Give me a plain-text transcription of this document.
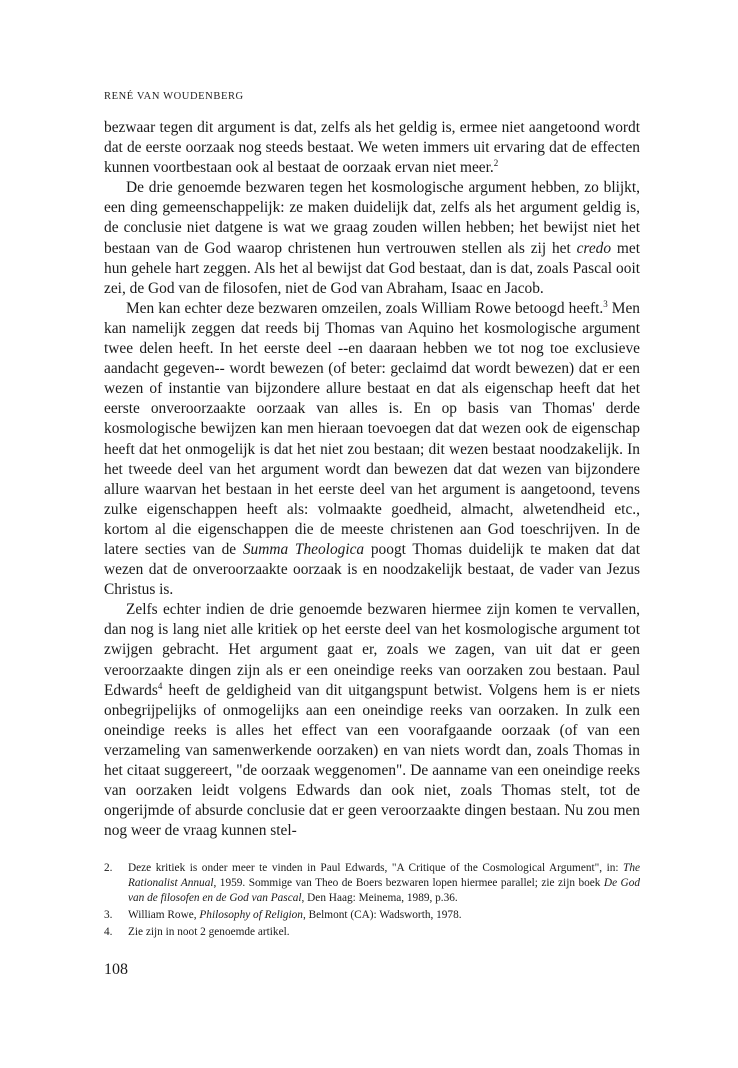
RENÉ VAN WOUDENBERG

bezwaar tegen dit argument is dat, zelfs als het geldig is, ermee niet aangetoond wordt dat de eerste oorzaak nog steeds bestaat. We weten immers uit ervaring dat de effecten kunnen voortbestaan ook al bestaat de oorzaak ervan niet meer.$^2$

De drie genoemde bezwaren tegen het kosmologische argument hebben, zo blijkt, een ding gemeenschappelijk: ze maken duidelijk dat, zelfs als het argument geldig is, de conclusie niet datgene is wat we graag zouden willen hebben; het bewijst niet het bestaan van de God waarop christenen hun vertrouwen stellen als zij het credo met hun gehele hart zeggen. Als het al bewijst dat God bestaat, dan is dat, zoals Pascal ooit zei, de God van de filosofen, niet de God van Abraham, Isaac en Jacob.

Men kan echter deze bezwaren omzeilen, zoals William Rowe betoogd heeft.$^3$ Men kan namelijk zeggen dat reeds bij Thomas van Aquino het kosmologische argument twee delen heeft. In het eerste deel --en daaraan hebben we tot nog toe exclusieve aandacht gegeven-- wordt bewezen (of beter: geclaimd dat wordt bewezen) dat er een wezen of instantie van bijzondere allure bestaat en dat als eigenschap heeft dat het eerste onveroorzaakte oorzaak van alles is. En op basis van Thomas' derde kosmologische bewijzen kan men hieraan toevoegen dat dat wezen ook de eigenschap heeft dat het onmogelijk is dat het niet zou bestaan; dit wezen bestaat noodzakelijk. In het tweede deel van het argument wordt dan bewezen dat dat wezen van bijzondere allure waarvan het bestaan in het eerste deel van het argument is aangetoond, tevens zulke eigenschappen heeft als: volmaakte goedheid, almacht, alwetendheid etc., kortom al die eigenschappen die de meeste christenen aan God toeschrijven. In de latere secties van de Summa Theologica poogt Thomas duidelijk te maken dat dat wezen dat de onveroorzaakte oorzaak is en noodzakelijk bestaat, de vader van Jezus Christus is.

Zelfs echter indien de drie genoemde bezwaren hiermee zijn komen te vervallen, dan nog is lang niet alle kritiek op het eerste deel van het kosmologische argument tot zwijgen gebracht. Het argument gaat er, zoals we zagen, van uit dat er geen veroorzaakte dingen zijn als er een oneindige reeks van oorzaken zou bestaan. Paul Edwards$^4$ heeft de geldigheid van dit uitgangspunt betwist. Volgens hem is er niets onbegrijpelijks of onmogelijks aan een oneindige reeks van oorzaken. In zulk een oneindige reeks is alles het effect van een voorafgaande oorzaak (of van een verzameling van samenwerkende oorzaken) en van niets wordt dan, zoals Thomas in het citaat suggereert, "de oorzaak weggenomen". De aanname van een oneindige reeks van oorzaken leidt volgens Edwards dan ook niet, zoals Thomas stelt, tot de ongerijmde of absurde conclusie dat er geen veroorzaakte dingen bestaan. Nu zou men nog weer de vraag kunnen stel-

2.	Deze kritiek is onder meer te vinden in Paul Edwards, "A Critique of the Cosmological Argument", in: The Rationalist Annual, 1959. Sommige van Theo de Boers bezwaren lopen hiermee parallel; zie zijn boek De God van de filosofen en de God van Pascal, Den Haag: Meinema, 1989, p.36.
3.	William Rowe, Philosophy of Religion, Belmont (CA): Wadsworth, 1978.
4.	Zie zijn in noot 2 genoemde artikel.
108
